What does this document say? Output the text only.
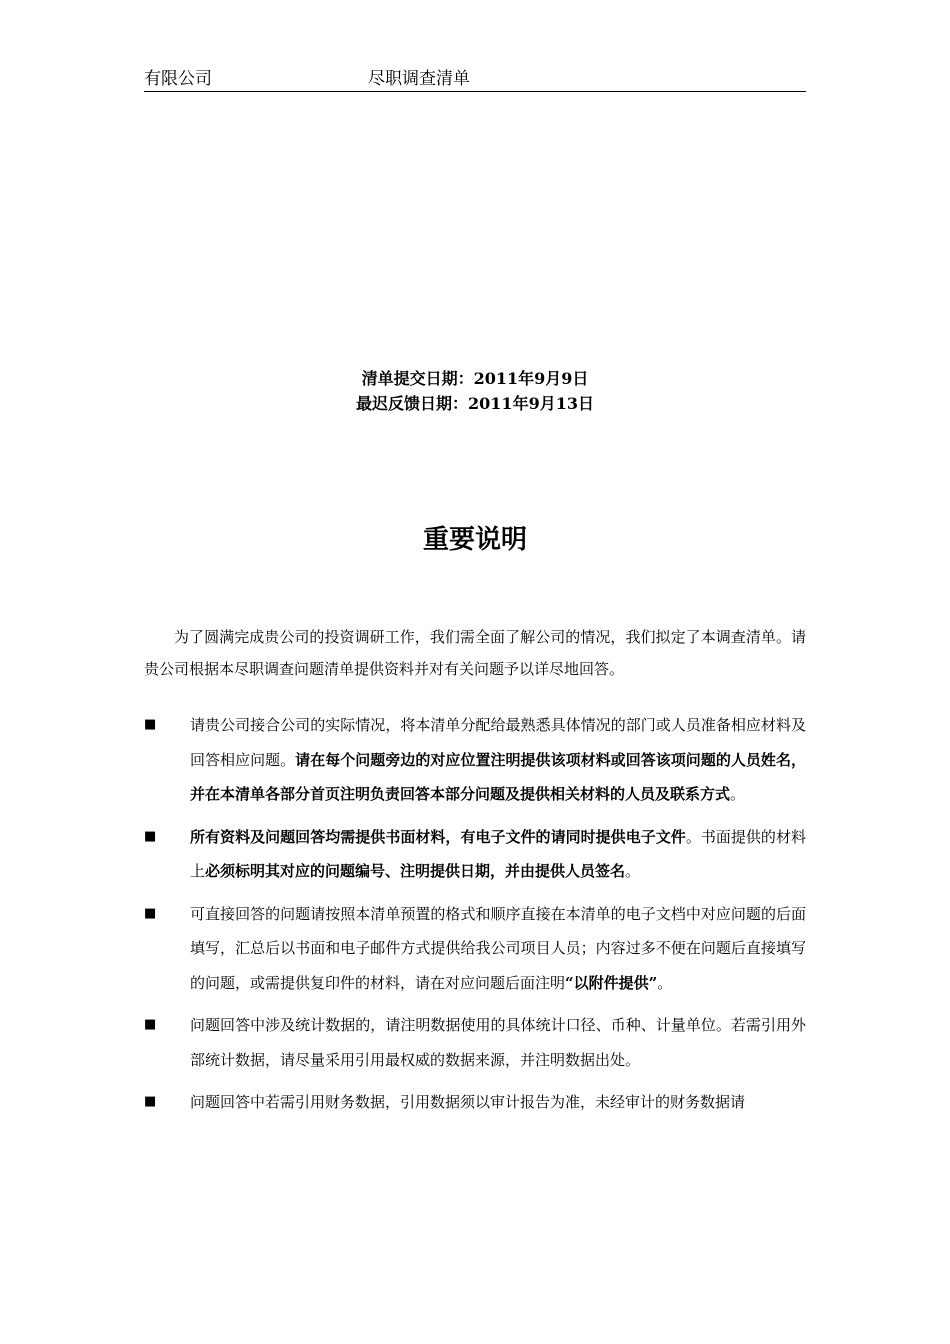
有限公司	尽职调查清单
清单提交日期：2011年9月9日
最迟反馈日期：2011年9月13日
重要说明

为了圆满完成贵公司的投资调研工作，我们需全面了解公司的情况，我们拟定了本调查清单。请贵公司根据本尽职调查问题清单提供资料并对有关问题予以详尽地回答。

■ 请贵公司接合公司的实际情况，将本清单分配给最熟悉具体情况的部门或人员准备相应材料及回答相应问题。请在每个问题旁边的对应位置注明提供该项材料或回答该项问题的人员姓名，并在本清单各部分首页注明负责回答本部分问题及提供相关材料的人员及联系方式。
■ 所有资料及问题回答均需提供书面材料，有电子文件的请同时提供电子文件。书面提供的材料上必须标明其对应的问题编号、注明提供日期，并由提供人员签名。
■ 可直接回答的问题请按照本清单预置的格式和顺序直接在本清单的电子文档中对应问题的后面填写，汇总后以书面和电子邮件方式提供给我公司项目人员；内容过多不便在问题后直接填写的问题，或需提供复印件的材料，请在对应问题后面注明“以附件提供”。
■ 问题回答中涉及统计数据的，请注明数据使用的具体统计口径、币种、计量单位。若需引用外部统计数据，请尽量采用引用最权威的数据来源，并注明数据出处。
■ 问题回答中若需引用财务数据，引用数据须以审计报告为准，未经审计的财务数据请
